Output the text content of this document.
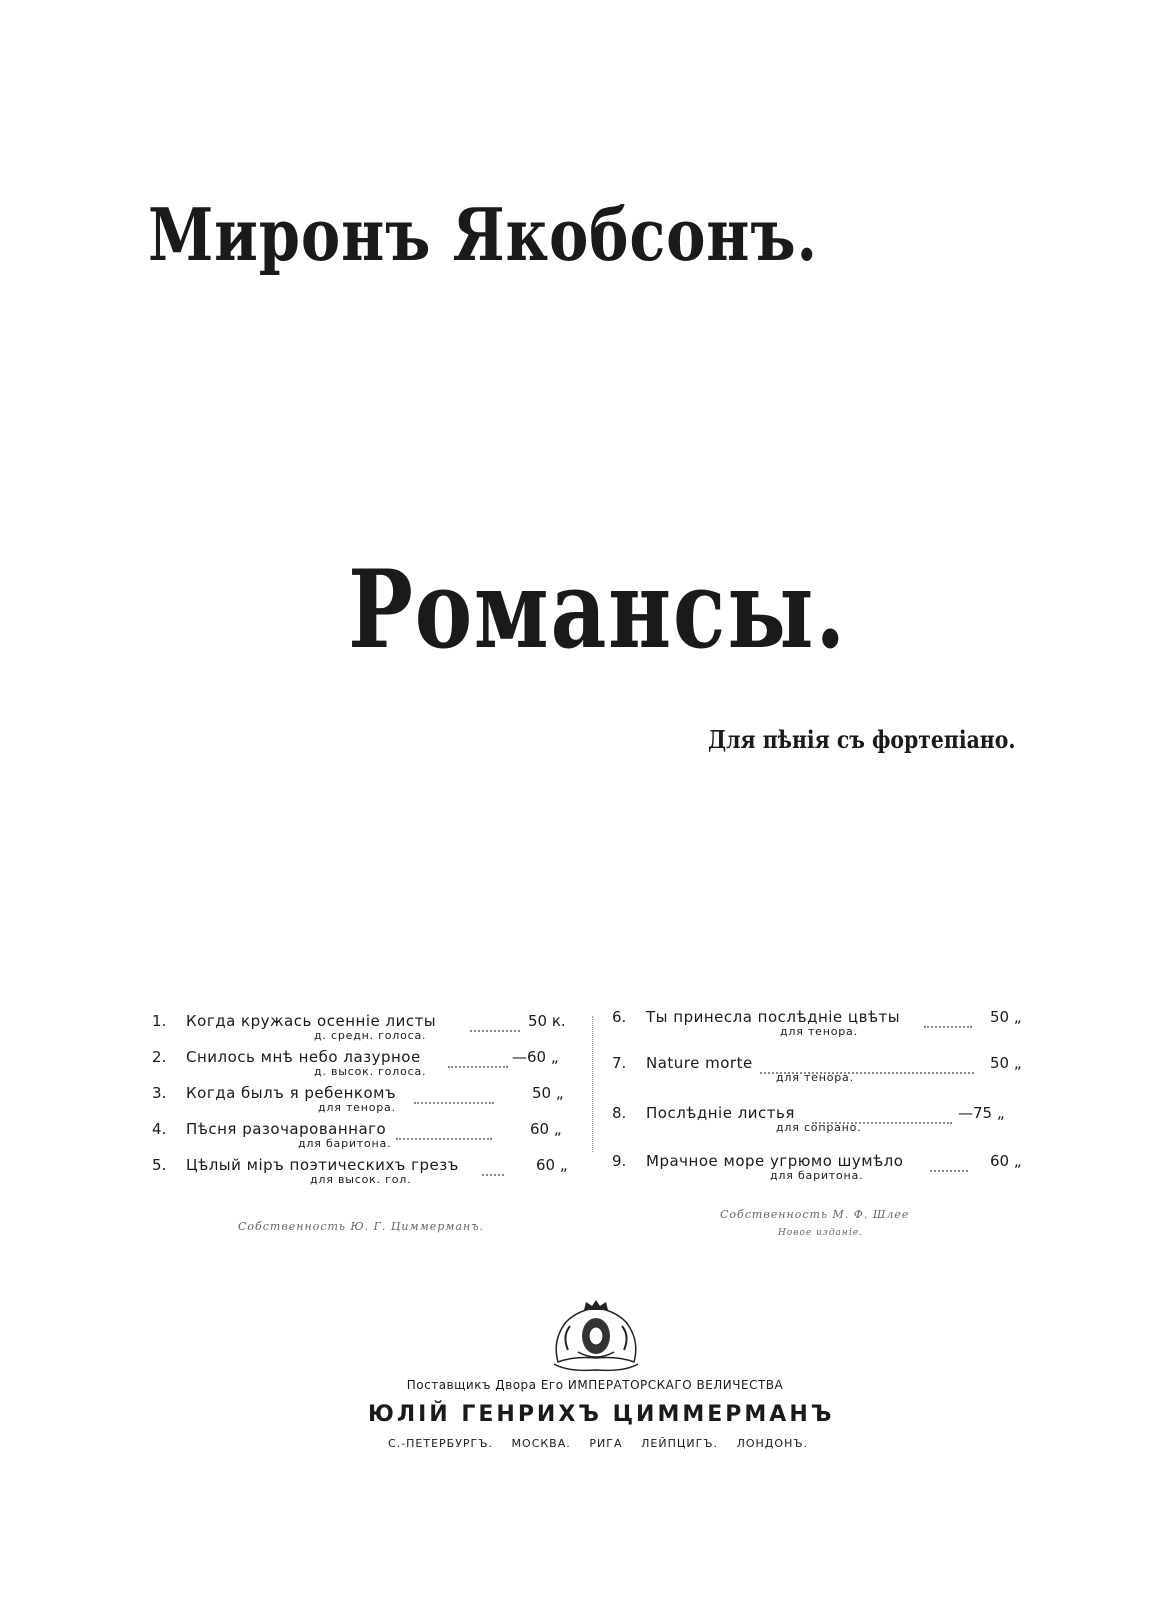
Миронъ Якобсонъ.
Романсы.
Для пѣнія съ фортепіано.
1.	Когда кружась осенніе листы	50 к.
д. средн. голоса.
2.	Снилось мнѣ небо лазурное	—60 „
д. высок. голоса.
3.	Когда былъ я ребенкомъ	50 „
для тенора.
4.	Пѣсня разочарованнаго	60 „
для баритона.
5.	Цѣлый міръ поэтическихъ грезъ	60 „
для высок. гол.
Собственность Ю. Г. Циммерманъ.
6.	Ты принесла послѣдніе цвѣты	50 „
для тенора.
7.	Nature morte	50 „
для тенора.
8.	Послѣдніе листья	—75 „
для сопрано.
9.	Мрачное море угрюмо шумѣло	60 „
для баритона.
Собственность М. Ф. Шлее
Новое изданіе.
Поставщикъ Двора Его ИМПЕРАТОРСКАГО ВЕЛИЧЕСТВА
ЮЛІЙ ГЕНРИХЪ ЦИММЕРМАНЪ
С.-ПЕТЕРБУРГЪ. МОСКВА. РИГА ЛЕЙПЦИГЪ. ЛОНДОНЪ.
